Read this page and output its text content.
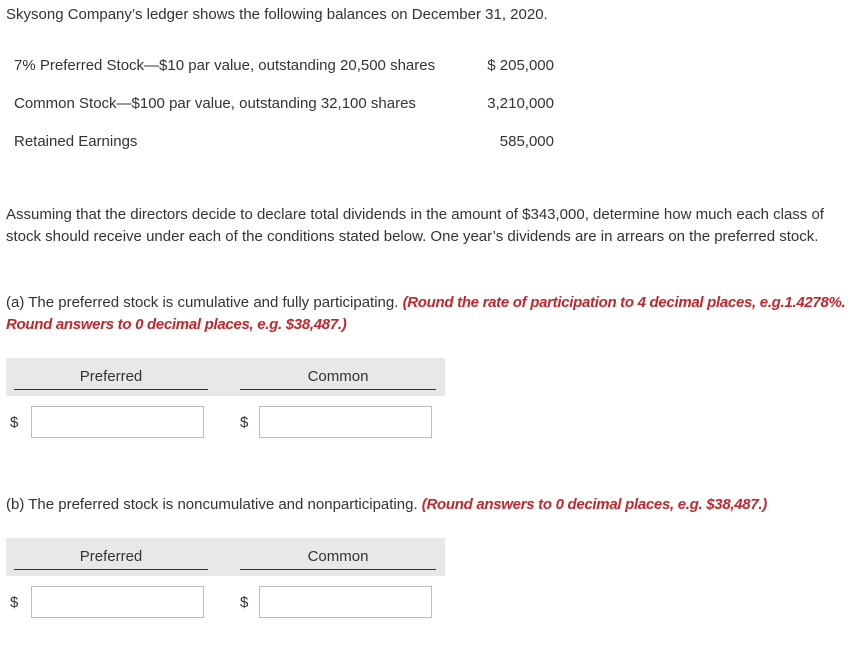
Skysong Company’s ledger shows the following balances on December 31, 2020.
7% Preferred Stock—$10 par value, outstanding 20,500 shares	$ 205,000
Common Stock—$100 par value, outstanding 32,100 shares	3,210,000
Retained Earnings	585,000
Assuming that the directors decide to declare total dividends in the amount of $343,000, determine how much each class of stock should receive under each of the conditions stated below. One year’s dividends are in arrears on the preferred stock.
(a) The preferred stock is cumulative and fully participating. (Round the rate of participation to 4 decimal places, e.g.1.4278%. Round answers to 0 decimal places, e.g. $38,487.)
Preferred	Common
$	$
(b) The preferred stock is noncumulative and nonparticipating. (Round answers to 0 decimal places, e.g. $38,487.)
Preferred	Common
$	$
